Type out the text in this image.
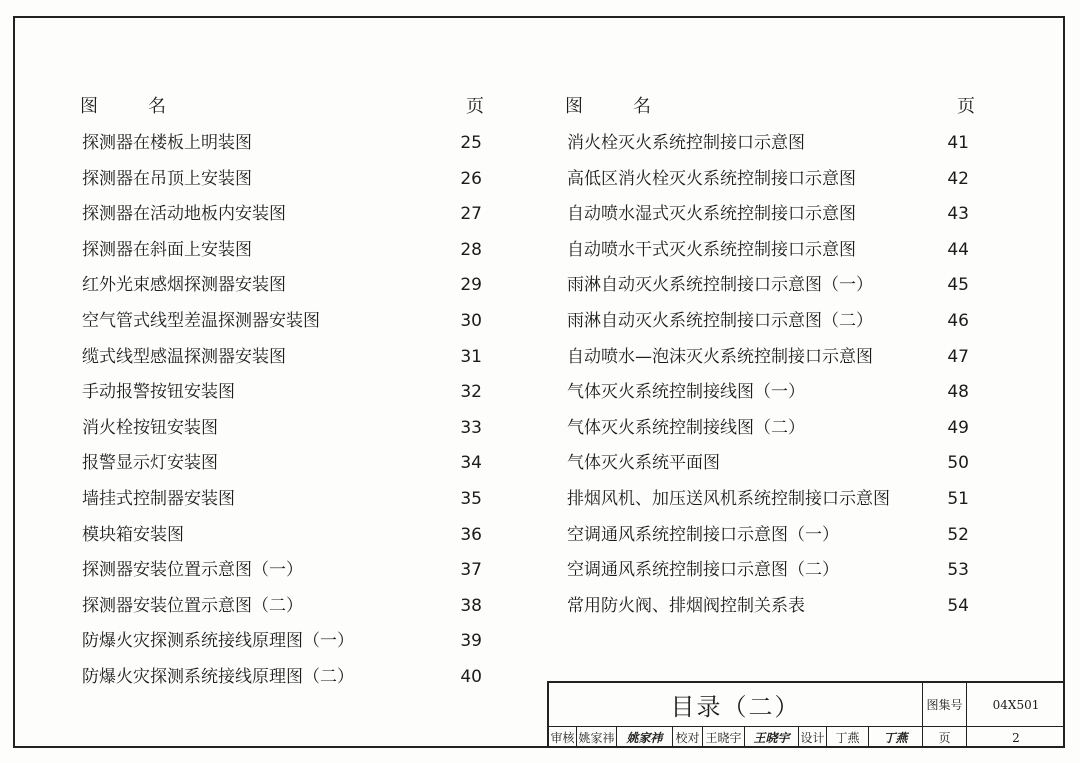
图名	页
探测器在楼板上明装图	25
探测器在吊顶上安装图	26
探测器在活动地板内安装图	27
探测器在斜面上安装图	28
红外光束感烟探测器安装图	29
空气管式线型差温探测器安装图	30
缆式线型感温探测器安装图	31
手动报警按钮安装图	32
消火栓按钮安装图	33
报警显示灯安装图	34
墙挂式控制器安装图	35
模块箱安装图	36
探测器安装位置示意图（一）	37
探测器安装位置示意图（二）	38
防爆火灾探测系统接线原理图（一）	39
防爆火灾探测系统接线原理图（二）	40
图名	页
消火栓灭火系统控制接口示意图	41
高低区消火栓灭火系统控制接口示意图	42
自动喷水湿式灭火系统控制接口示意图	43
自动喷水干式灭火系统控制接口示意图	44
雨淋自动灭火系统控制接口示意图（一）	45
雨淋自动灭火系统控制接口示意图（二）	46
自动喷水—泡沫灭火系统控制接口示意图	47
气体灭火系统控制接线图（一）	48
气体灭火系统控制接线图（二）	49
气体灭火系统平面图	50
排烟风机、加压送风机系统控制接口示意图	51
空调通风系统控制接口示意图（一）	52
空调通风系统控制接口示意图（二）	53
常用防火阀、排烟阀控制关系表	54
目录（二）	图集号	04X501
审核 姚家祎 姚家祎	校对 王晓宇 王晓宇 设计 丁燕	丁燕	页	2
